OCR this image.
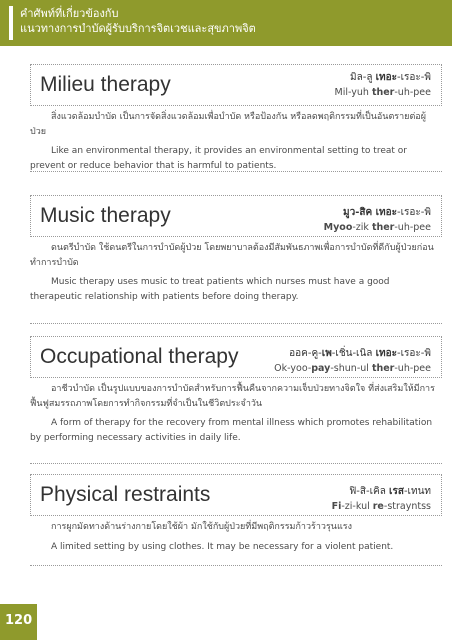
คำศัพท์ที่เกี่ยวข้องกับ
แนวทางการบำบัดผู้รับบริการจิตเวชและสุขภาพจิต
Milieu therapy	มิล-ลู เทอะ-เรอะ-พิ
Mil-yuh ther-uh-pee

สิ่งแวดล้อมบำบัด เป็นการจัดสิ่งแวดล้อมเพื่อบำบัด หรือป้องกัน หรือลดพฤติกรรมที่เป็นอันตรายต่อผู้ป่วย

Like an environmental therapy, it provides an environmental setting to treat or prevent or reduce behavior that is harmful to patients.

Music therapy	มูว-สิค เทอะ-เรอะ-พิ
Myoo-zik ther-uh-pee

ดนตรีบำบัด ใช้ดนตรีในการบำบัดผู้ป่วย โดยพยาบาลต้องมีสัมพันธภาพเพื่อการบำบัดที่ดีกับผู้ป่วยก่อนทำการบำบัด

Music therapy uses music to treat patients which nurses must have a good therapeutic relationship with patients before doing therapy.

Occupational therapy	ออค-คู-เพ-เชิ่น-เนิล เทอะ-เรอะ-พิ
Ok-yoo-pay-shun-ul ther-uh-pee

อาชีวบำบัด เป็นรูปแบบของการบำบัดสำหรับการฟื้นคืนจากความเจ็บป่วยทางจิตใจ ที่ส่งเสริมให้มีการฟื้นฟูสมรรถภาพโดยการทำกิจกรรมที่จำเป็นในชีวิตประจำวัน

A form of therapy for the recovery from mental illness which promotes rehabilitation by performing necessary activities in daily life.

Physical restraints	ฟิ-สิ-เคิล เรส-เทนท
Fi-zi-kul re-strayntss

การผูกมัดทางด้านร่างกายโดยใช้ผ้า มักใช้กับผู้ป่วยที่มีพฤติกรรมก้าวร้าวรุนแรง

A limited setting by using clothes. It may be necessary for a violent patient.

120
